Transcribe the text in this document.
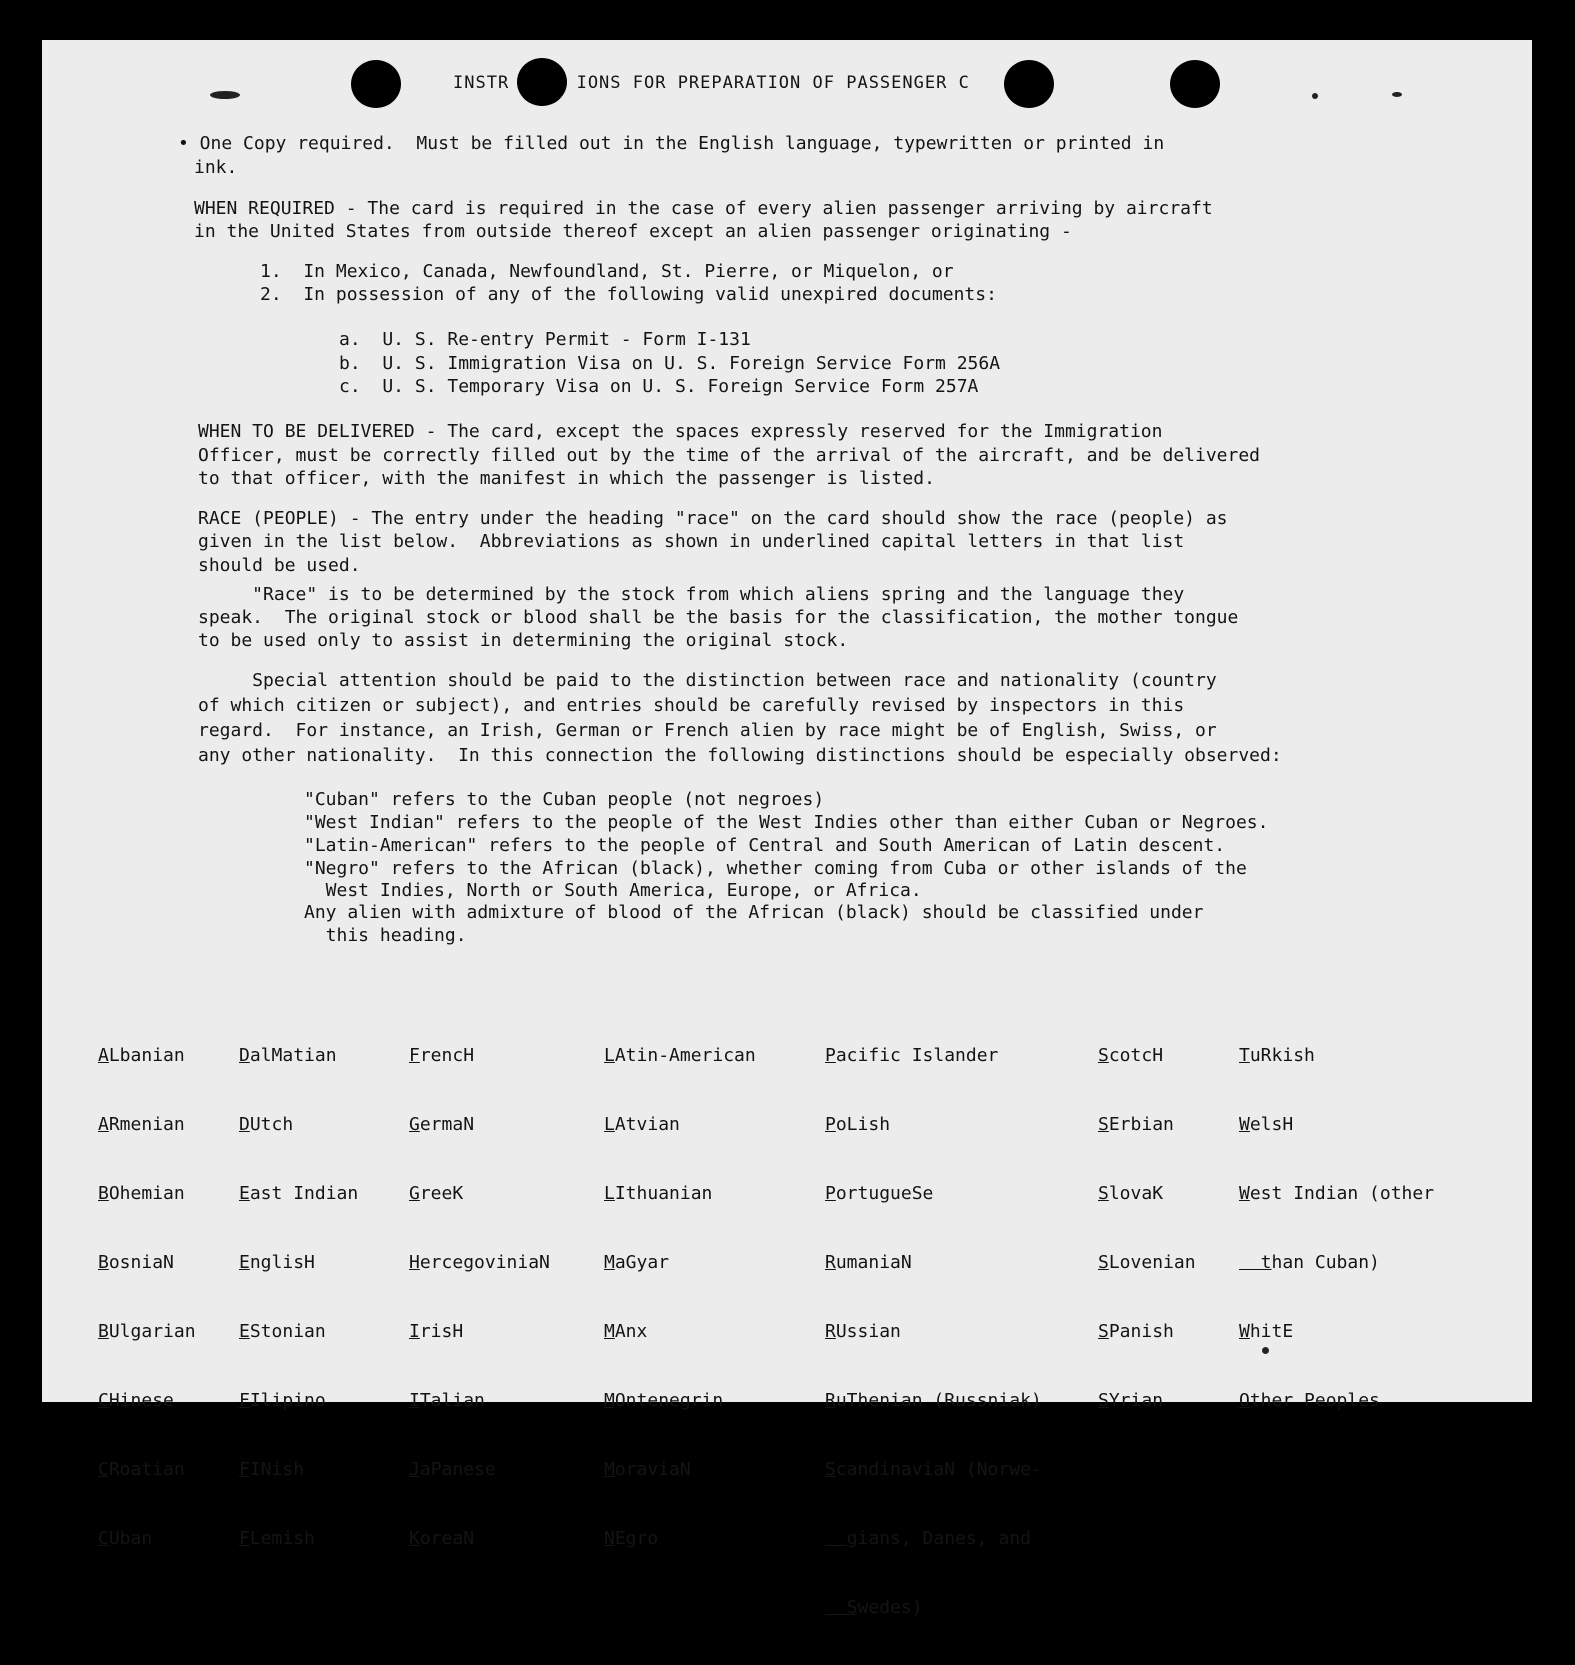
INSTR      IONS FOR PREPARATION OF PASSENGER C
• One Copy required.  Must be filled out in the English language, typewritten or printed in
ink.
WHEN REQUIRED - The card is required in the case of every alien passenger arriving by aircraft
in the United States from outside thereof except an alien passenger originating -
1.  In Mexico, Canada, Newfoundland, St. Pierre, or Miquelon, or
2.  In possession of any of the following valid unexpired documents:
a.  U. S. Re-entry Permit - Form I-131
b.  U. S. Immigration Visa on U. S. Foreign Service Form 256A
c.  U. S. Temporary Visa on U. S. Foreign Service Form 257A
WHEN TO BE DELIVERED - The card, except the spaces expressly reserved for the Immigration
Officer, must be correctly filled out by the time of the arrival of the aircraft, and be delivered
to that officer, with the manifest in which the passenger is listed.
RACE (PEOPLE) - The entry under the heading "race" on the card should show the race (people) as
given in the list below.  Abbreviations as shown in underlined capital letters in that list
should be used.
"Race" is to be determined by the stock from which aliens spring and the language they
speak.  The original stock or blood shall be the basis for the classification, the mother tongue
to be used only to assist in determining the original stock.
Special attention should be paid to the distinction between race and nationality (country
of which citizen or subject), and entries should be carefully revised by inspectors in this
regard.  For instance, an Irish, German or French alien by race might be of English, Swiss, or
any other nationality.  In this connection the following distinctions should be especially observed:
"Cuban" refers to the Cuban people (not negroes)
"West Indian" refers to the people of the West Indies other than either Cuban or Negroes.
"Latin-American" refers to the people of Central and South American of Latin descent.
"Negro" refers to the African (black), whether coming from Cuba or other islands of the
West Indies, North or South America, Europe, or Africa.
Any alien with admixture of blood of the African (black) should be classified under
this heading.

ALbanian

ARmenian

BOhemian

BosniaN

BUlgarian

CHinese

CRoatian

CUban

DalMatian

DUtch

East Indian

EnglisH

EStonian

FIlipino

FINish

FLemish

FrencH

GermaN

GreeK

HercegoviniaN

IrisH

ITalian

JaPanese

KoreaN

LAtin-American

LAtvian

LIthuanian

MaGyar

MAnx

MOntenegrin

MoraviaN

NEgro

Pacific Islander

PoLish

PortugueSe

RumaniaN

RUssian

RuThenian (Russniak)

ScandinaviaN (Norwe-

gians, Danes, and

Swedes)

ScotcH

SErbian

SlovaK

SLovenian

SPanish

SYrian

TuRkish

WelsH

West Indian (other

than Cuban)

WhitE

Other Peoples
